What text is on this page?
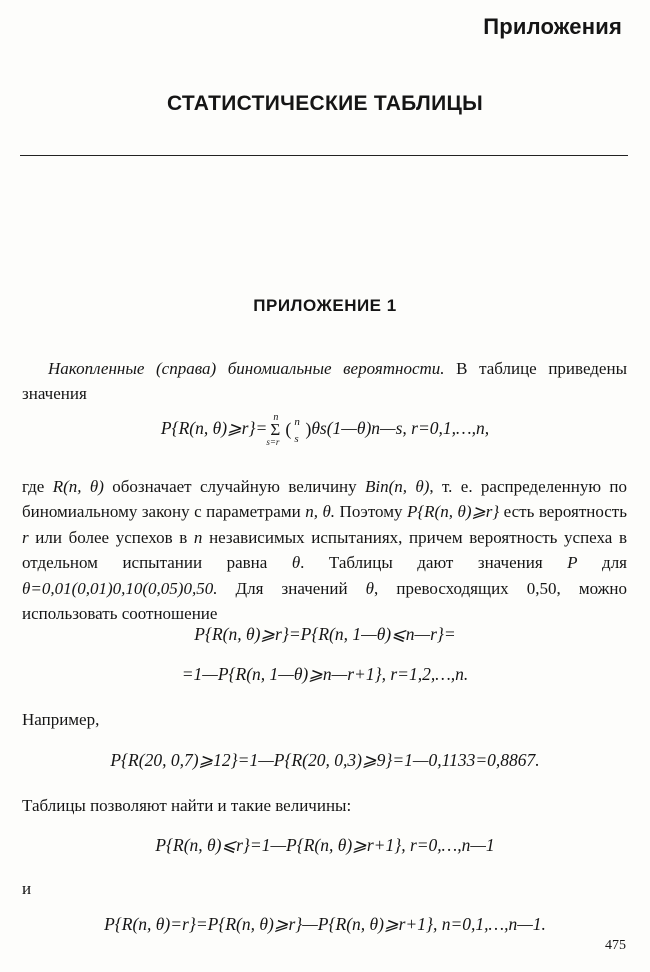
Приложения
СТАТИСТИЧЕСКИЕ ТАБЛИЦЫ
ПРИЛОЖЕНИЕ 1
Накопленные (справа) биномиальные вероятности. В таблице приведены значения
P{R(n, θ)⩾r}=
n
Σ
s=r
( n
s ) θs(1—θ)n—s, r=0,1,…,n,
где R(n, θ) обозначает случайную величину Bin(n, θ), т. е. распределенную по биномиальному закону с параметрами n, θ. Поэтому P{R(n, θ)⩾r} есть вероятность r или более успехов в n независимых испытаниях, причем вероятность успеха в отдельном испытании равна θ. Таблицы дают значения P для θ=0,01(0,01)0,10(0,05)0,50. Для значений θ, превосходящих 0,50, можно использовать соотношение
P{R(n, θ)⩾r}=P{R(n, 1—θ)⩽n—r}=
=1—P{R(n, 1—θ)⩾n—r+1}, r=1,2,…,n.
Например,
P{R(20, 0,7)⩾12}=1—P{R(20, 0,3)⩾9}=1—0,1133=0,8867.
Таблицы позволяют найти и такие величины:
P{R(n, θ)⩽r}=1—P{R(n, θ)⩾r+1}, r=0,…,n—1
и
P{R(n, θ)=r}=P{R(n, θ)⩾r}—P{R(n, θ)⩾r+1}, n=0,1,…,n—1.
475
